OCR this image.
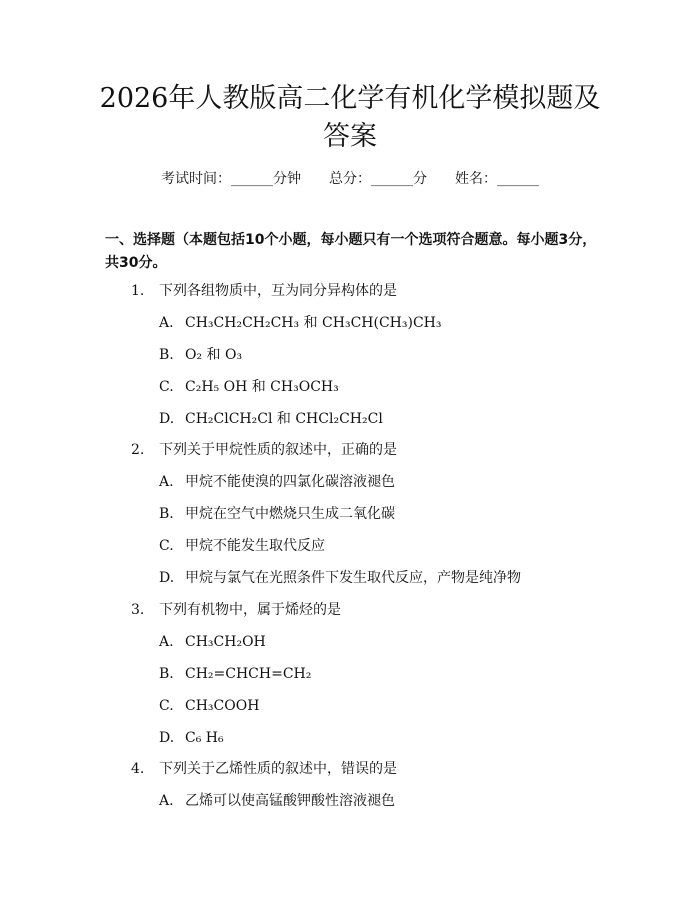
2026年人教版高二化学有机化学模拟题及答案
考试时间：______分钟 总分：______分 姓名：______
一、选择题（本题包括10个小题，每小题只有一个选项符合题意。每小题3分，共30分。
1. 下列各组物质中，互为同分异构体的是
A. CH₃CH₂CH₂CH₃ 和 CH₃CH(CH₃)CH₃
B. O₂ 和 O₃
C. C₂H₅ OH 和 CH₃OCH₃
D. CH₂ClCH₂Cl 和 CHCl₂CH₂Cl
2. 下列关于甲烷性质的叙述中，正确的是
A. 甲烷不能使溴的四氯化碳溶液褪色
B. 甲烷在空气中燃烧只生成二氧化碳
C. 甲烷不能发生取代反应
D. 甲烷与氯气在光照条件下发生取代反应，产物是纯净物
3. 下列有机物中，属于烯烃的是
A. CH₃CH₂OH
B. CH₂=CHCH=CH₂
C. CH₃COOH
D. C₆ H₆
4. 下列关于乙烯性质的叙述中，错误的是
A. 乙烯可以使高锰酸钾酸性溶液褪色
